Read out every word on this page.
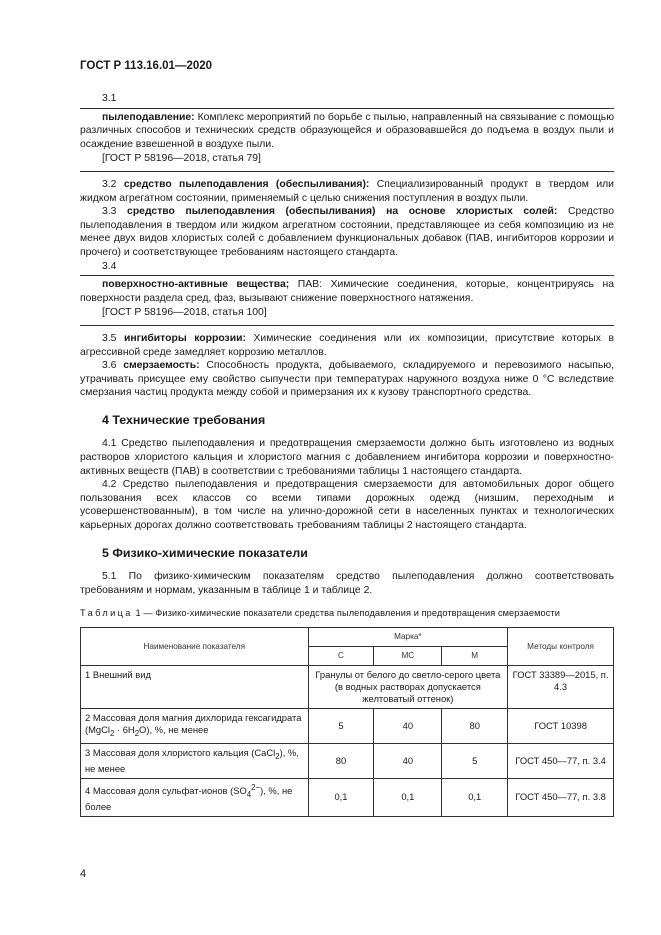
ГОСТ Р 113.16.01—2020

3.1

пылеподавление: Комплекс мероприятий по борьбе с пылью, направленный на связывание с помощью различных способов и технических средств образующейся и образовавшейся до подъема в воздух пыли и осаждение взвешенной в воздухе пыли.

[ГОСТ Р 58196—2018, статья 79]

3.2 средство пылеподавления (обеспыливания): Специализированный продукт в твердом или жидком агрегатном состоянии, применяемый с целью снижения поступления в воздух пыли.

3.3 средство пылеподавления (обеспыливания) на основе хлористых солей: Средство пылеподавления в твердом или жидком агрегатном состоянии, представляющее из себя композицию из не менее двух видов хлористых солей с добавлением функциональных добавок (ПАВ, ингибиторов коррозии и прочего) и соответствующее требованиям настоящего стандарта.

3.4

поверхностно-активные вещества; ПАВ: Химические соединения, которые, концентрируясь на поверхности раздела сред, фаз, вызывают снижение поверхностного натяжения.

[ГОСТ Р 58196—2018, статья 100]

3.5 ингибиторы коррозии: Химические соединения или их композиции, присутствие которых в агрессивной среде замедляет коррозию металлов.

3.6 смерзаемость: Способность продукта, добываемого, складируемого и перевозимого насыпью, утрачивать присущее ему свойство сыпучести при температурах наружного воздуха ниже 0 °С вследствие смерзания частиц продукта между собой и примерзания их к кузову транспортного средства.

4 Технические требования

4.1 Средство пылеподавления и предотвращения смерзаемости должно быть изготовлено из водных растворов хлористого кальция и хлористого магния с добавлением ингибитора коррозии и поверхностно-активных веществ (ПАВ) в соответствии с требованиями таблицы 1 настоящего стандарта.

4.2 Средство пылеподавления и предотвращения смерзаемости для автомобильных дорог общего пользования всех классов со всеми типами дорожных одежд (низшим, переходным и усовершенствованным), в том числе на улично-дорожной сети в населенных пунктах и технологических карьерных дорогах должно соответствовать требованиям таблицы 2 настоящего стандарта.

5 Физико-химические показатели

5.1 По физико-химическим показателям средство пылеподавления должно соответствовать требованиям и нормам, указанным в таблице 1 и таблице 2.

Таблица 1 — Физико-химические показатели средства пылеподавления и предотвращения смерзаемости
Наименование показателя	Марка*			Методы контроля
	С	МС	М	
1 Внешний вид	Гранулы от белого до светло-серого цвета (в водных растворах допускается желтоватый оттенок)			ГОСТ 33389—2015, п. 4.3
2 Массовая доля магния дихлорида гексагидрата (MgCl$_2$ · $6H_2O$), %, не менее	5	40	80	ГОСТ 10398
3 Массовая доля хлористого кальция (CaCl$_2$), %, не менее	80	40	5	ГОСТ 450—77, п. 3.4
4 Массовая доля сульфат-ионов $(SO_4^{2-})$, %, не более	0,1	0,1	0,1	ГОСТ 450—77, п. 3.8
4
